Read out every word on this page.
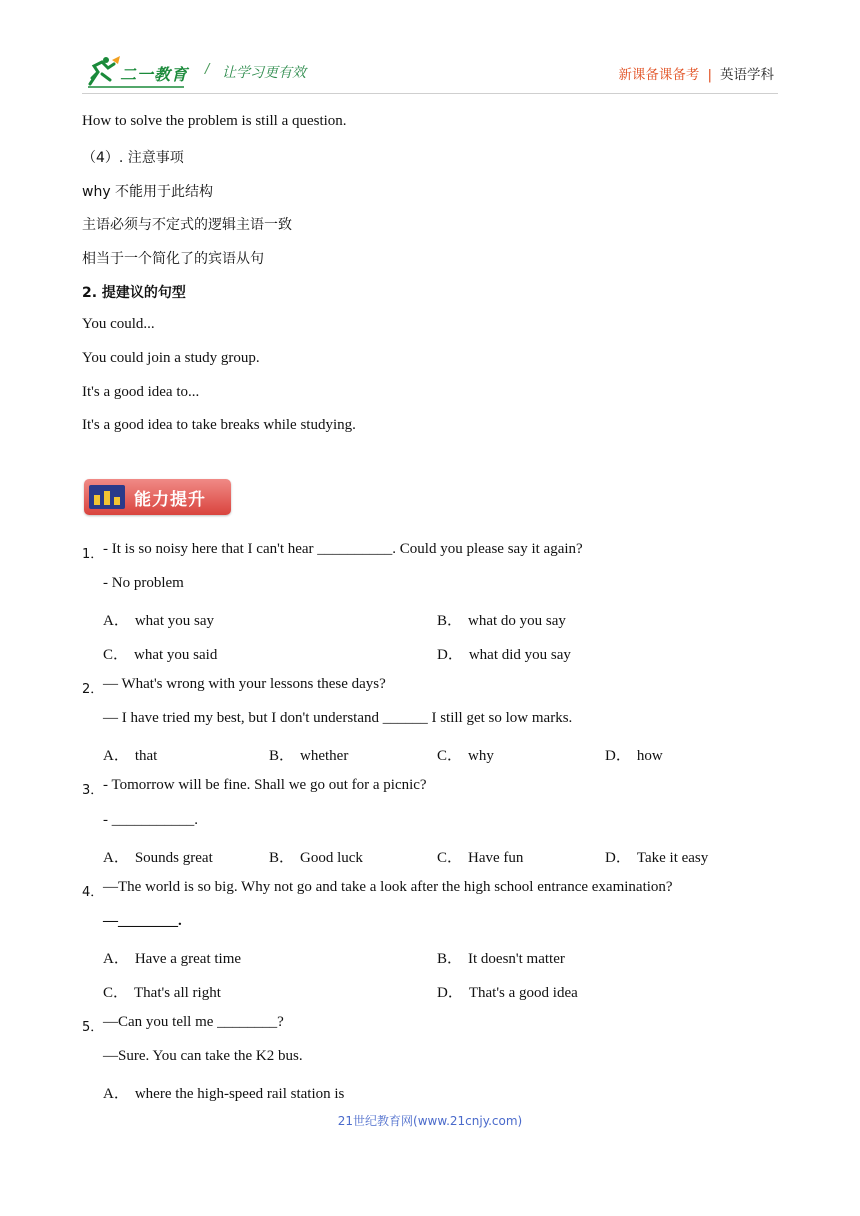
二一教育 / 让学习更有效	新课备课备考 | 英语学科
How to solve the problem is still a question.
（4）. 注意事项
why 不能用于此结构
主语必须与不定式的逻辑主语一致
相当于一个简化了的宾语从句
2. 提建议的句型
You could...
You could join a study group.
It's a good idea to...
It's a good idea to take breaks while studying.
能力提升
1． - It is so noisy here that I can't hear __________. Could you please say it again?
- No problem
A． what you say	B． what do you say
C． what you said	D． what did you say
2． — What's wrong with your lessons these days?
— I have tried my best, but I don't understand ______ I still get so low marks.
A． that	B． whether	C． why	D． how
3． - Tomorrow will be fine. Shall we go out for a picnic?
- ___________.
A． Sounds great	B． Good luck	C． Have fun	D． Take it easy
4． —The world is so big. Why not go and take a look after the high school entrance examination?
—________.
A． Have a great time	B． It doesn't matter
C． That's all right	D． That's a good idea
5． —Can you tell me ________?
—Sure. You can take the K2 bus.
A． where the high-speed rail station is
21世纪教育网(www.21cnjy.com)
